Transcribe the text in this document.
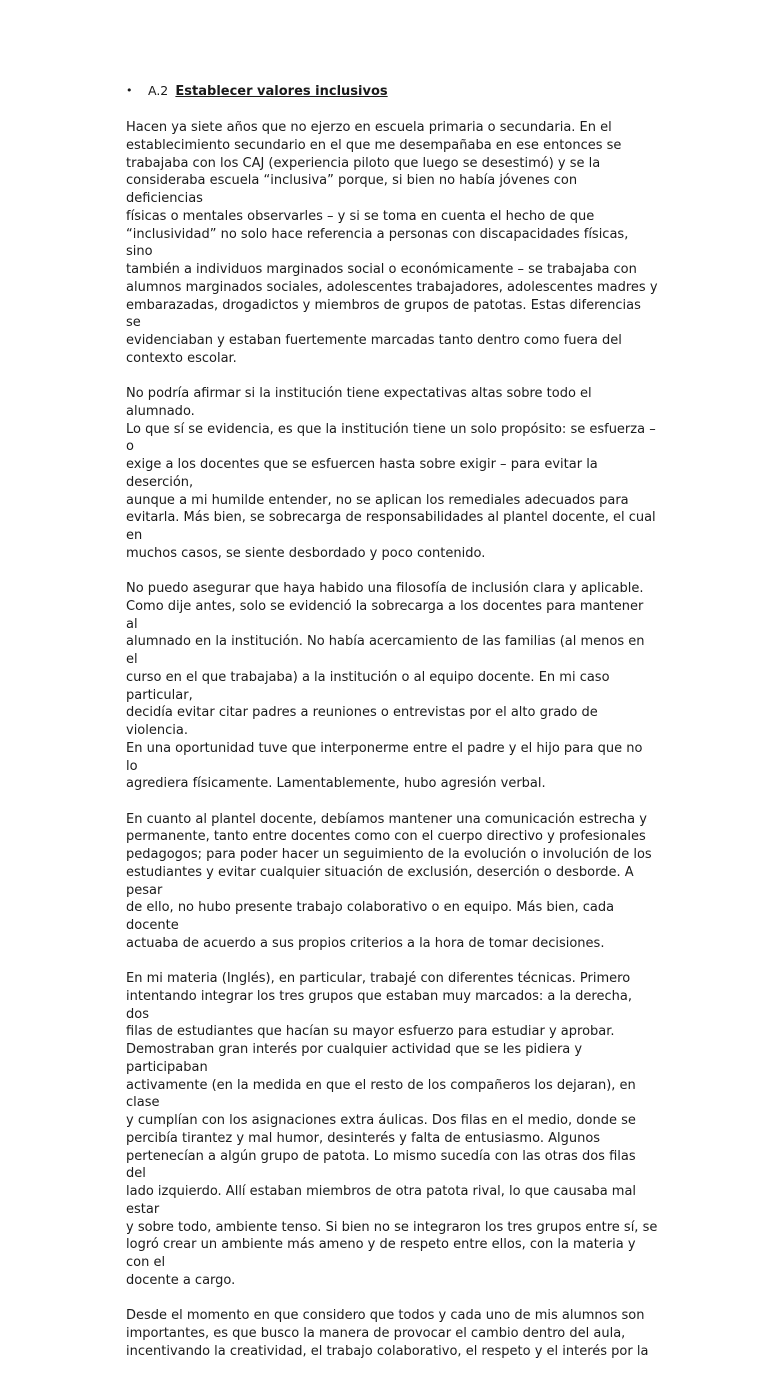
• A.2 Establecer valores inclusivos

Hacen ya siete años que no ejerzo en escuela primaria o secundaria. En el
establecimiento secundario en el que me desempañaba en ese entonces se
trabajaba con los CAJ (experiencia piloto que luego se desestimó) y se la
consideraba escuela “inclusiva” porque, si bien no había jóvenes con deficiencias
físicas o mentales observarles – y si se toma en cuenta el hecho de que
“inclusividad” no solo hace referencia a personas con discapacidades físicas, sino
también a individuos marginados social o económicamente – se trabajaba con
alumnos marginados sociales, adolescentes trabajadores, adolescentes madres y
embarazadas, drogadictos y miembros de grupos de patotas. Estas diferencias se
evidenciaban y estaban fuertemente marcadas tanto dentro como fuera del
contexto escolar.

No podría afirmar si la institución tiene expectativas altas sobre todo el alumnado.
Lo que sí se evidencia, es que la institución tiene un solo propósito: se esfuerza – o
exige a los docentes que se esfuercen hasta sobre exigir – para evitar la deserción,
aunque a mi humilde entender, no se aplican los remediales adecuados para
evitarla. Más bien, se sobrecarga de responsabilidades al plantel docente, el cual en
muchos casos, se siente desbordado y poco contenido.

No puedo asegurar que haya habido una filosofía de inclusión clara y aplicable.
Como dije antes, solo se evidenció la sobrecarga a los docentes para mantener al
alumnado en la institución. No había acercamiento de las familias (al menos en el
curso en el que trabajaba) a la institución o al equipo docente. En mi caso particular,
decidía evitar citar padres a reuniones o entrevistas por el alto grado de violencia.
En una oportunidad tuve que interponerme entre el padre y el hijo para que no lo
agrediera físicamente. Lamentablemente, hubo agresión verbal.

En cuanto al plantel docente, debíamos mantener una comunicación estrecha y
permanente, tanto entre docentes como con el cuerpo directivo y profesionales
pedagogos; para poder hacer un seguimiento de la evolución o involución de los
estudiantes y evitar cualquier situación de exclusión, deserción o desborde. A pesar
de ello, no hubo presente trabajo colaborativo o en equipo. Más bien, cada docente
actuaba de acuerdo a sus propios criterios a la hora de tomar decisiones.

En mi materia (Inglés), en particular, trabajé con diferentes técnicas. Primero
intentando integrar los tres grupos que estaban muy marcados: a la derecha, dos
filas de estudiantes que hacían su mayor esfuerzo para estudiar y aprobar.
Demostraban gran interés por cualquier actividad que se les pidiera y participaban
activamente (en la medida en que el resto de los compañeros los dejaran), en clase
y cumplían con los asignaciones extra áulicas. Dos filas en el medio, donde se
percibía tirantez y mal humor, desinterés y falta de entusiasmo. Algunos
pertenecían a algún grupo de patota. Lo mismo sucedía con las otras dos filas del
lado izquierdo. Allí estaban miembros de otra patota rival, lo que causaba mal estar
y sobre todo, ambiente tenso. Si bien no se integraron los tres grupos entre sí, se
logró crear un ambiente más ameno y de respeto entre ellos, con la materia y con el
docente a cargo.

Desde el momento en que considero que todos y cada uno de mis alumnos son
importantes, es que busco la manera de provocar el cambio dentro del aula,
incentivando la creatividad, el trabajo colaborativo, el respeto y el interés por la
